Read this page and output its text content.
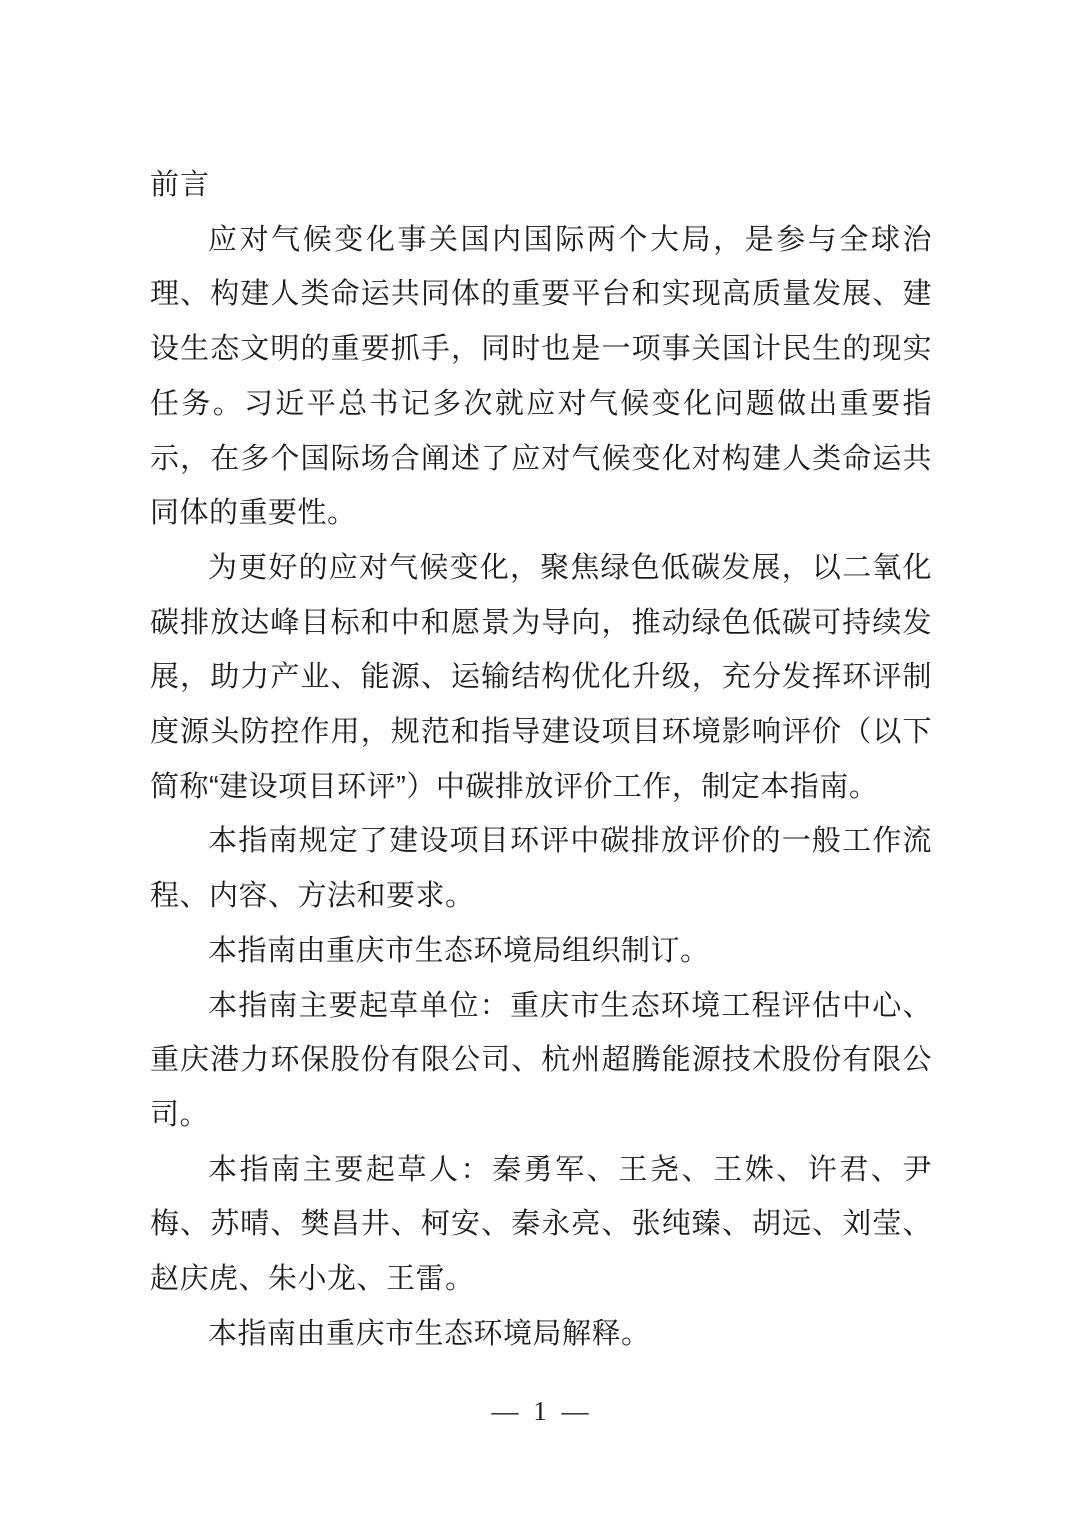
前言

应对气候变化事关国内国际两个大局，是参与全球治理、构建人类命运共同体的重要平台和实现高质量发展、建设生态文明的重要抓手，同时也是一项事关国计民生的现实任务。习近平总书记多次就应对气候变化问题做出重要指示，在多个国际场合阐述了应对气候变化对构建人类命运共同体的重要性。

为更好的应对气候变化，聚焦绿色低碳发展，以二氧化碳排放达峰目标和中和愿景为导向，推动绿色低碳可持续发展，助力产业、能源、运输结构优化升级，充分发挥环评制度源头防控作用，规范和指导建设项目环境影响评价（以下简称“建设项目环评”）中碳排放评价工作，制定本指南。

本指南规定了建设项目环评中碳排放评价的一般工作流程、内容、方法和要求。

本指南由重庆市生态环境局组织制订。

本指南主要起草单位：重庆市生态环境工程评估中心、重庆港力环保股份有限公司、杭州超腾能源技术股份有限公司。

本指南主要起草人：秦勇军、王尧、王姝、许君、尹梅、苏晴、樊昌井、柯安、秦永亮、张纯臻、胡远、刘莹、赵庆虎、朱小龙、王雷。

本指南由重庆市生态环境局解释。

— 1 —
